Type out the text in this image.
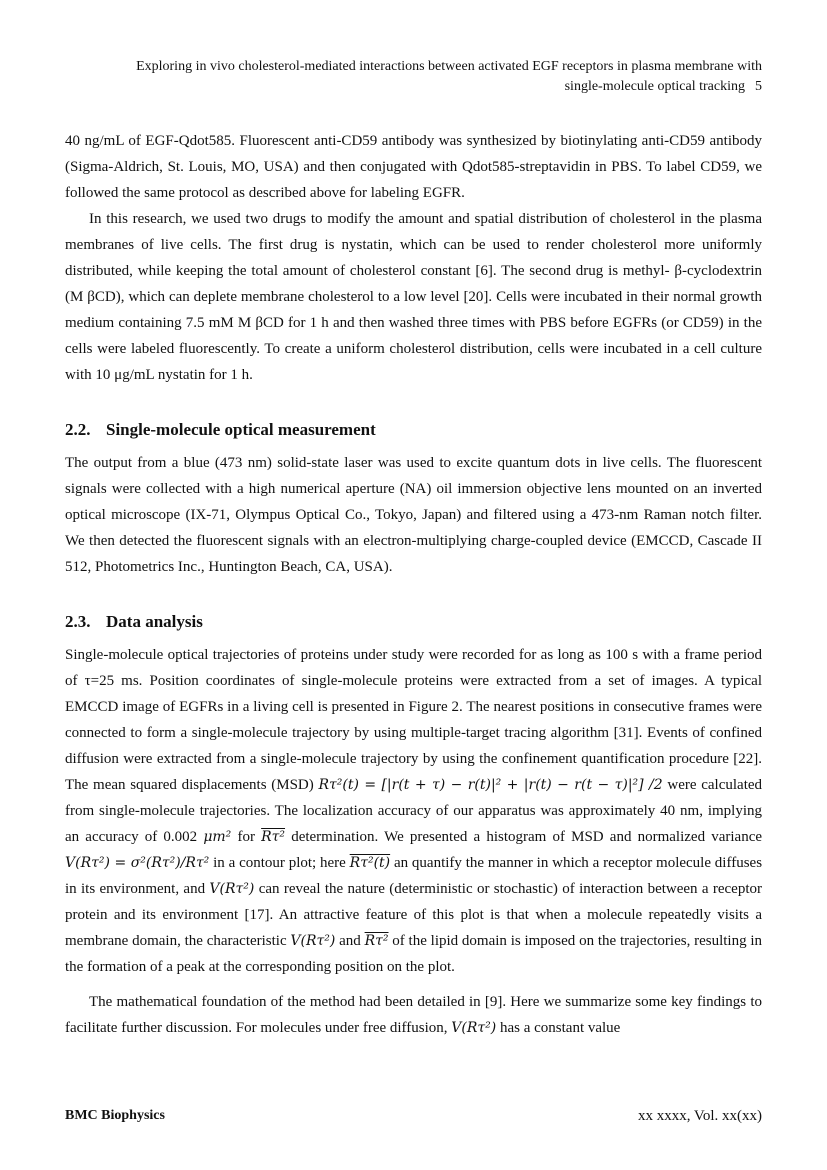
Exploring in vivo cholesterol-mediated interactions between activated EGF receptors in plasma membrane with
single-molecule optical tracking 5

40 ng/mL of EGF-Qdot585. Fluorescent anti-CD59 antibody was synthesized by biotinylating anti-CD59 antibody (Sigma-Aldrich, St. Louis, MO, USA) and then conjugated with Qdot585-streptavidin in PBS. To label CD59, we followed the same protocol as described above for labeling EGFR.

In this research, we used two drugs to modify the amount and spatial distribution of cholesterol in the plasma membranes of live cells. The first drug is nystatin, which can be used to render cholesterol more uniformly distributed, while keeping the total amount of cholesterol constant [6]. The second drug is methyl- β-cyclodextrin (M βCD), which can deplete membrane cholesterol to a low level [20]. Cells were incubated in their normal growth medium containing 7.5 mM M βCD for 1 h and then washed three times with PBS before EGFRs (or CD59) in the cells were labeled fluorescently. To create a uniform cholesterol distribution, cells were incubated in a cell culture with 10 μg/mL nystatin for 1 h.

2.2. Single-molecule optical measurement

The output from a blue (473 nm) solid-state laser was used to excite quantum dots in live cells. The fluorescent signals were collected with a high numerical aperture (NA) oil immersion objective lens mounted on an inverted optical microscope (IX-71, Olympus Optical Co., Tokyo, Japan) and filtered using a 473-nm Raman notch filter. We then detected the fluorescent signals with an electron-multiplying charge-coupled device (EMCCD, Cascade II 512, Photometrics Inc., Huntington Beach, CA, USA).

2.3. Data analysis

Single-molecule optical trajectories of proteins under study were recorded for as long as 100 s with a frame period of τ=25 ms. Position coordinates of single-molecule proteins were extracted from a set of images. A typical EMCCD image of EGFRs in a living cell is presented in Figure 2. The nearest positions in consecutive frames were connected to form a single-molecule trajectory by using multiple-target tracing algorithm [31]. Events of confined diffusion were extracted from a single-molecule trajectory by using the confinement quantification procedure [22]. The mean squared displacements (MSD) Rτ²(t) = [|r(t + τ) − r(t)|² + |r(t) − r(t − τ)|²] /2 were calculated from single-molecule trajectories. The localization accuracy of our apparatus was approximately 40 nm, implying an accuracy of 0.002 μm² for Rτ² determination. We presented a histogram of MSD and normalized variance V(Rτ²) = σ²(Rτ²)/Rτ² in a contour plot; here Rτ²(t) an quantify the manner in which a receptor molecule diffuses in its environment, and V(Rτ²) can reveal the nature (deterministic or stochastic) of interaction between a receptor protein and its environment [17]. An attractive feature of this plot is that when a molecule repeatedly visits a membrane domain, the characteristic V(Rτ²) and Rτ² of the lipid domain is imposed on the trajectories, resulting in the formation of a peak at the corresponding position on the plot.

The mathematical foundation of the method had been detailed in [9]. Here we summarize some key findings to facilitate further discussion. For molecules under free diffusion, V(Rτ²) has a constant value

BMC Biophysics	xx xxxx, Vol. xx(xx)
